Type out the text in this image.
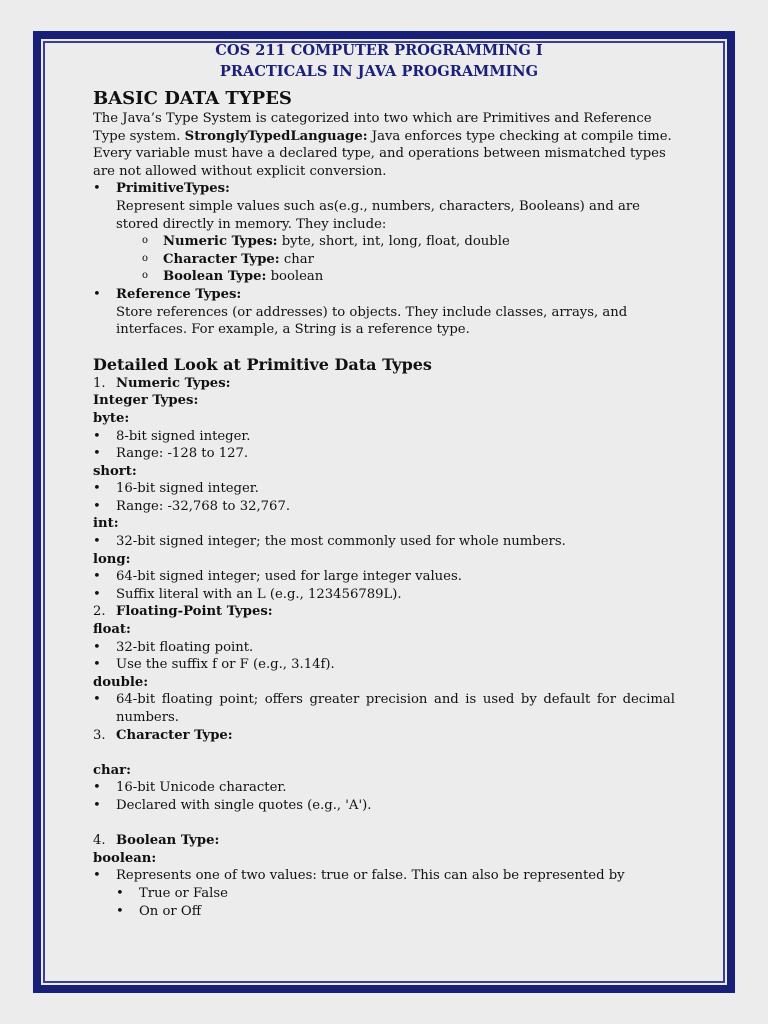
COS 211 COMPUTER PROGRAMMING I
PRACTICALS IN JAVA PROGRAMMING
BASIC DATA TYPES

The Java’s Type System is categorized into two which are Primitives and Reference Type system. StronglyTypedLanguage: Java enforces type checking at compile time. Every variable must have a declared type, and operations between mismatched types are not allowed without explicit conversion.

• PrimitiveTypes:

Represent simple values such as(e.g., numbers, characters, Booleans) and are stored directly in memory. They include:

o Numeric Types: byte, short, int, long, float, double
o Character Type: char
o Boolean Type: boolean
• Reference Types:

Store references (or addresses) to objects. They include classes, arrays, and interfaces. For example, a String is a reference type.

Detailed Look at Primitive Data Types
1. Numeric Types:
Integer Types:
byte:
• 8-bit signed integer.
• Range: -128 to 127.
short:
• 16-bit signed integer.
• Range: -32,768 to 32,767.
int:
• 32-bit signed integer; the most commonly used for whole numbers.
long:
• 64-bit signed integer; used for large integer values.
• Suffix literal with an L (e.g., 123456789L).
2. Floating-Point Types:
float:
• 32-bit floating point.
• Use the suffix f or F (e.g., 3.14f).
double:
• 64-bit floating point; offers greater precision and is used by default for decimal numbers.
3. Character Type:
char:
• 16-bit Unicode character.
• Declared with single quotes (e.g., 'A').
4. Boolean Type:
boolean:
• Represents one of two values: true or false. This can also be represented by
• True or False
• On or Off
